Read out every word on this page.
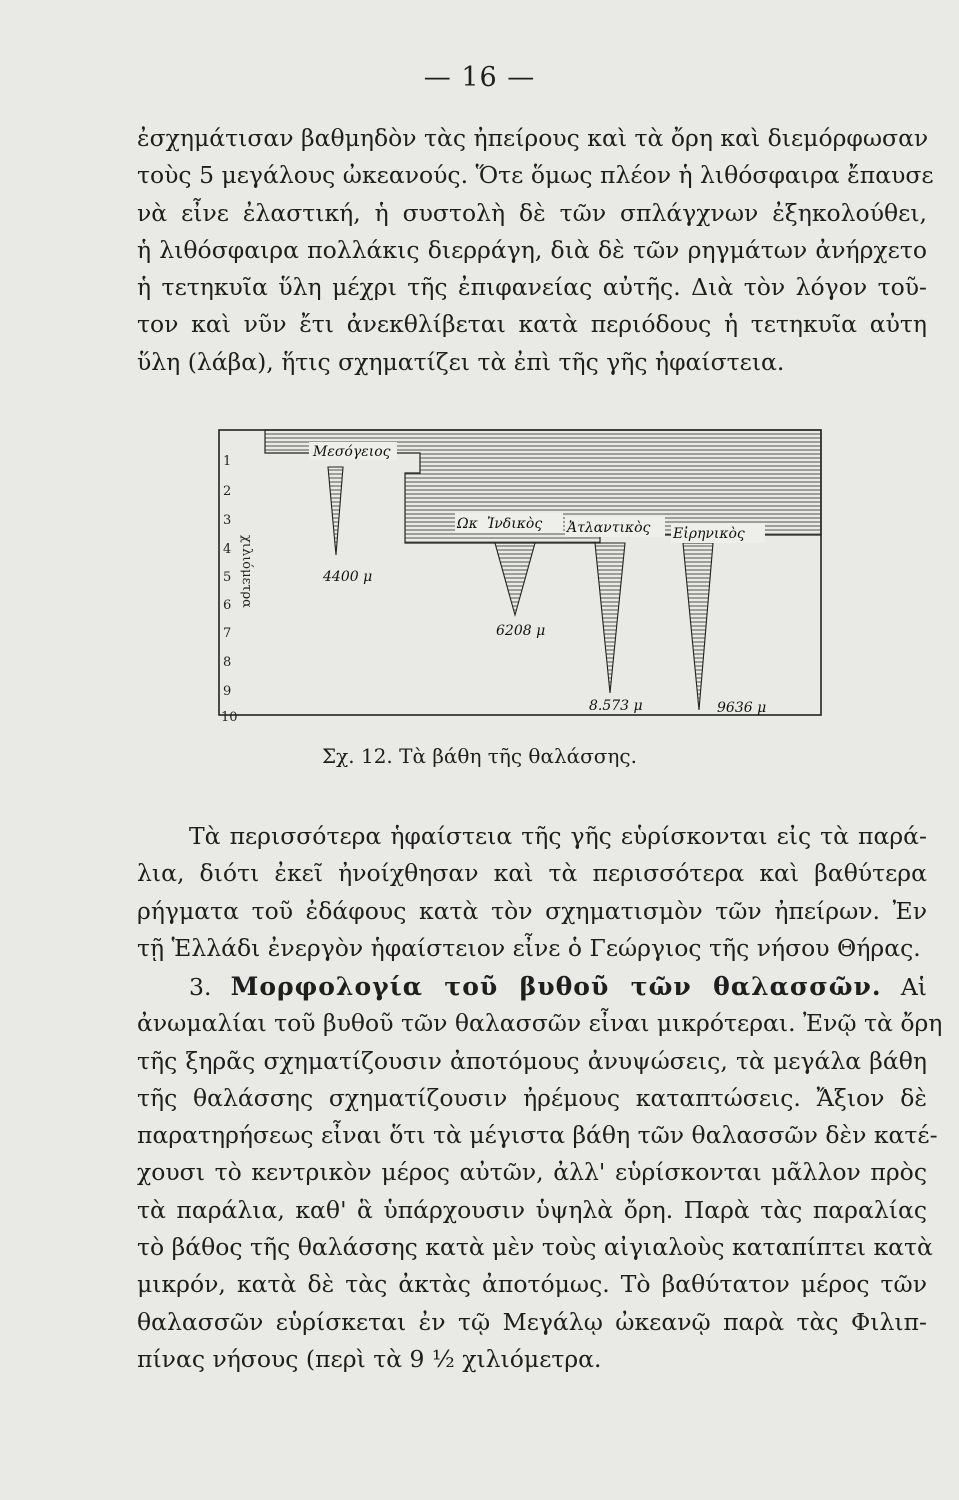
— 16 —
ἐσχημάτισαν βαθμηδὸν τὰς ἠπείρους καὶ τὰ ὄρη καὶ διεμόρφωσαν
τοὺς 5 μεγάλους ὠκεανούς. Ὅτε ὅμως πλέον ἡ λιθόσφαιρα ἔπαυσε
νὰ εἶνε ἐλαστική, ἡ συστολὴ δὲ τῶν σπλάγχνων ἐξηκολούθει,
ἡ λιθόσφαιρα πολλάκις διερράγη, διὰ δὲ τῶν ρηγμάτων ἀνήρχετο
ἡ τετηκυῖα ὕλη μέχρι τῆς ἐπιφανείας αὐτῆς. Διὰ τὸν λόγον τοῦ-
τον καὶ νῦν ἔτι ἀνεκθλίβεται κατὰ περιόδους ἡ τετηκυῖα αὐτη
ὕλη (λάβα), ἥτις σχηματίζει τὰ ἐπὶ τῆς γῆς ἡφαίστεια.
χιλιόμετρα
1
2
3
4
5
6
7
8
9
10
Μεσόγειος
Ωκ Ἰνδικὸς Ἀτλαντικὸς Εἰρηνικὸς
4400 μ
6208 μ
8.573 μ	9636 μ
Σχ. 12. Τὰ βάθη τῆς θαλάσσης.
Τὰ περισσότερα ἡφαίστεια τῆς γῆς εὑρίσκονται εἰς τὰ παρά-
λια, διότι ἐκεῖ ἠνοίχθησαν καὶ τὰ περισσότερα καὶ βαθύτερα
ρήγματα τοῦ ἐδάφους κατὰ τὸν σχηματισμὸν τῶν ἠπείρων. Ἐν
τῇ Ἑλλάδι ἐνεργὸν ἡφαίστειον εἶνε ὁ Γεώργιος τῆς νήσου Θήρας.
3. Μορφολογία τοῦ βυθοῦ τῶν θαλασσῶν. Αἱ
ἀνωμαλίαι τοῦ βυθοῦ τῶν θαλασσῶν εἶναι μικρότεραι. Ἐνῷ τὰ ὄρη
τῆς ξηρᾶς σχηματίζουσιν ἀποτόμους ἀνυψώσεις, τὰ μεγάλα βάθη
τῆς θαλάσσης σχηματίζουσιν ἠρέμους καταπτώσεις. Ἄξιον δὲ
παρατηρήσεως εἶναι ὅτι τὰ μέγιστα βάθη τῶν θαλασσῶν δὲν κατέ-
χουσι τὸ κεντρικὸν μέρος αὐτῶν, ἀλλ' εὑρίσκονται μᾶλλον πρὸς
τὰ παράλια, καθ' ἃ ὑπάρχουσιν ὑψηλὰ ὄρη. Παρὰ τὰς παραλίας
τὸ βάθος τῆς θαλάσσης κατὰ μὲν τοὺς αἰγιαλοὺς καταπίπτει κατὰ
μικρόν, κατὰ δὲ τὰς ἀκτὰς ἀποτόμως. Τὸ βαθύτατον μέρος τῶν
θαλασσῶν εὑρίσκεται ἐν τῷ Μεγάλῳ ὠκεανῷ παρὰ τὰς Φιλιπ-
πίνας νήσους (περὶ τὰ 9 ½ χιλιόμετρα.
